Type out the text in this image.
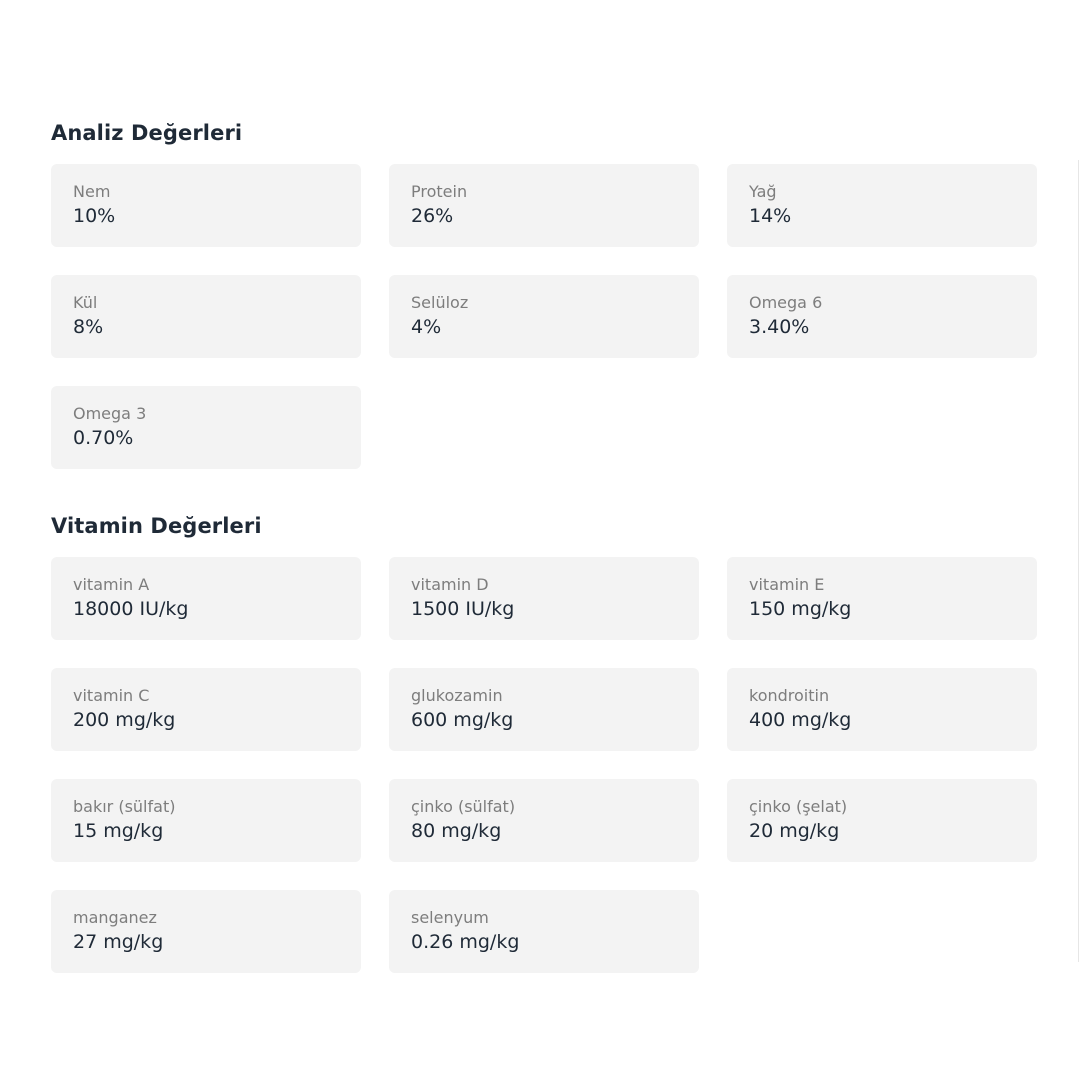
Analiz Değerleri
Nem
10%
Protein
26%
Yağ
14%
Kül
8%
Selüloz
4%
Omega 6
3.40%
Omega 3
0.70%
Vitamin Değerleri
vitamin A
18000 IU/kg
vitamin D
1500 IU/kg
vitamin E
150 mg/kg
vitamin C
200 mg/kg
glukozamin
600 mg/kg
kondroitin
400 mg/kg
bakır (sülfat)
15 mg/kg
çinko (sülfat)
80 mg/kg
çinko (şelat)
20 mg/kg
manganez
27 mg/kg
selenyum
0.26 mg/kg
